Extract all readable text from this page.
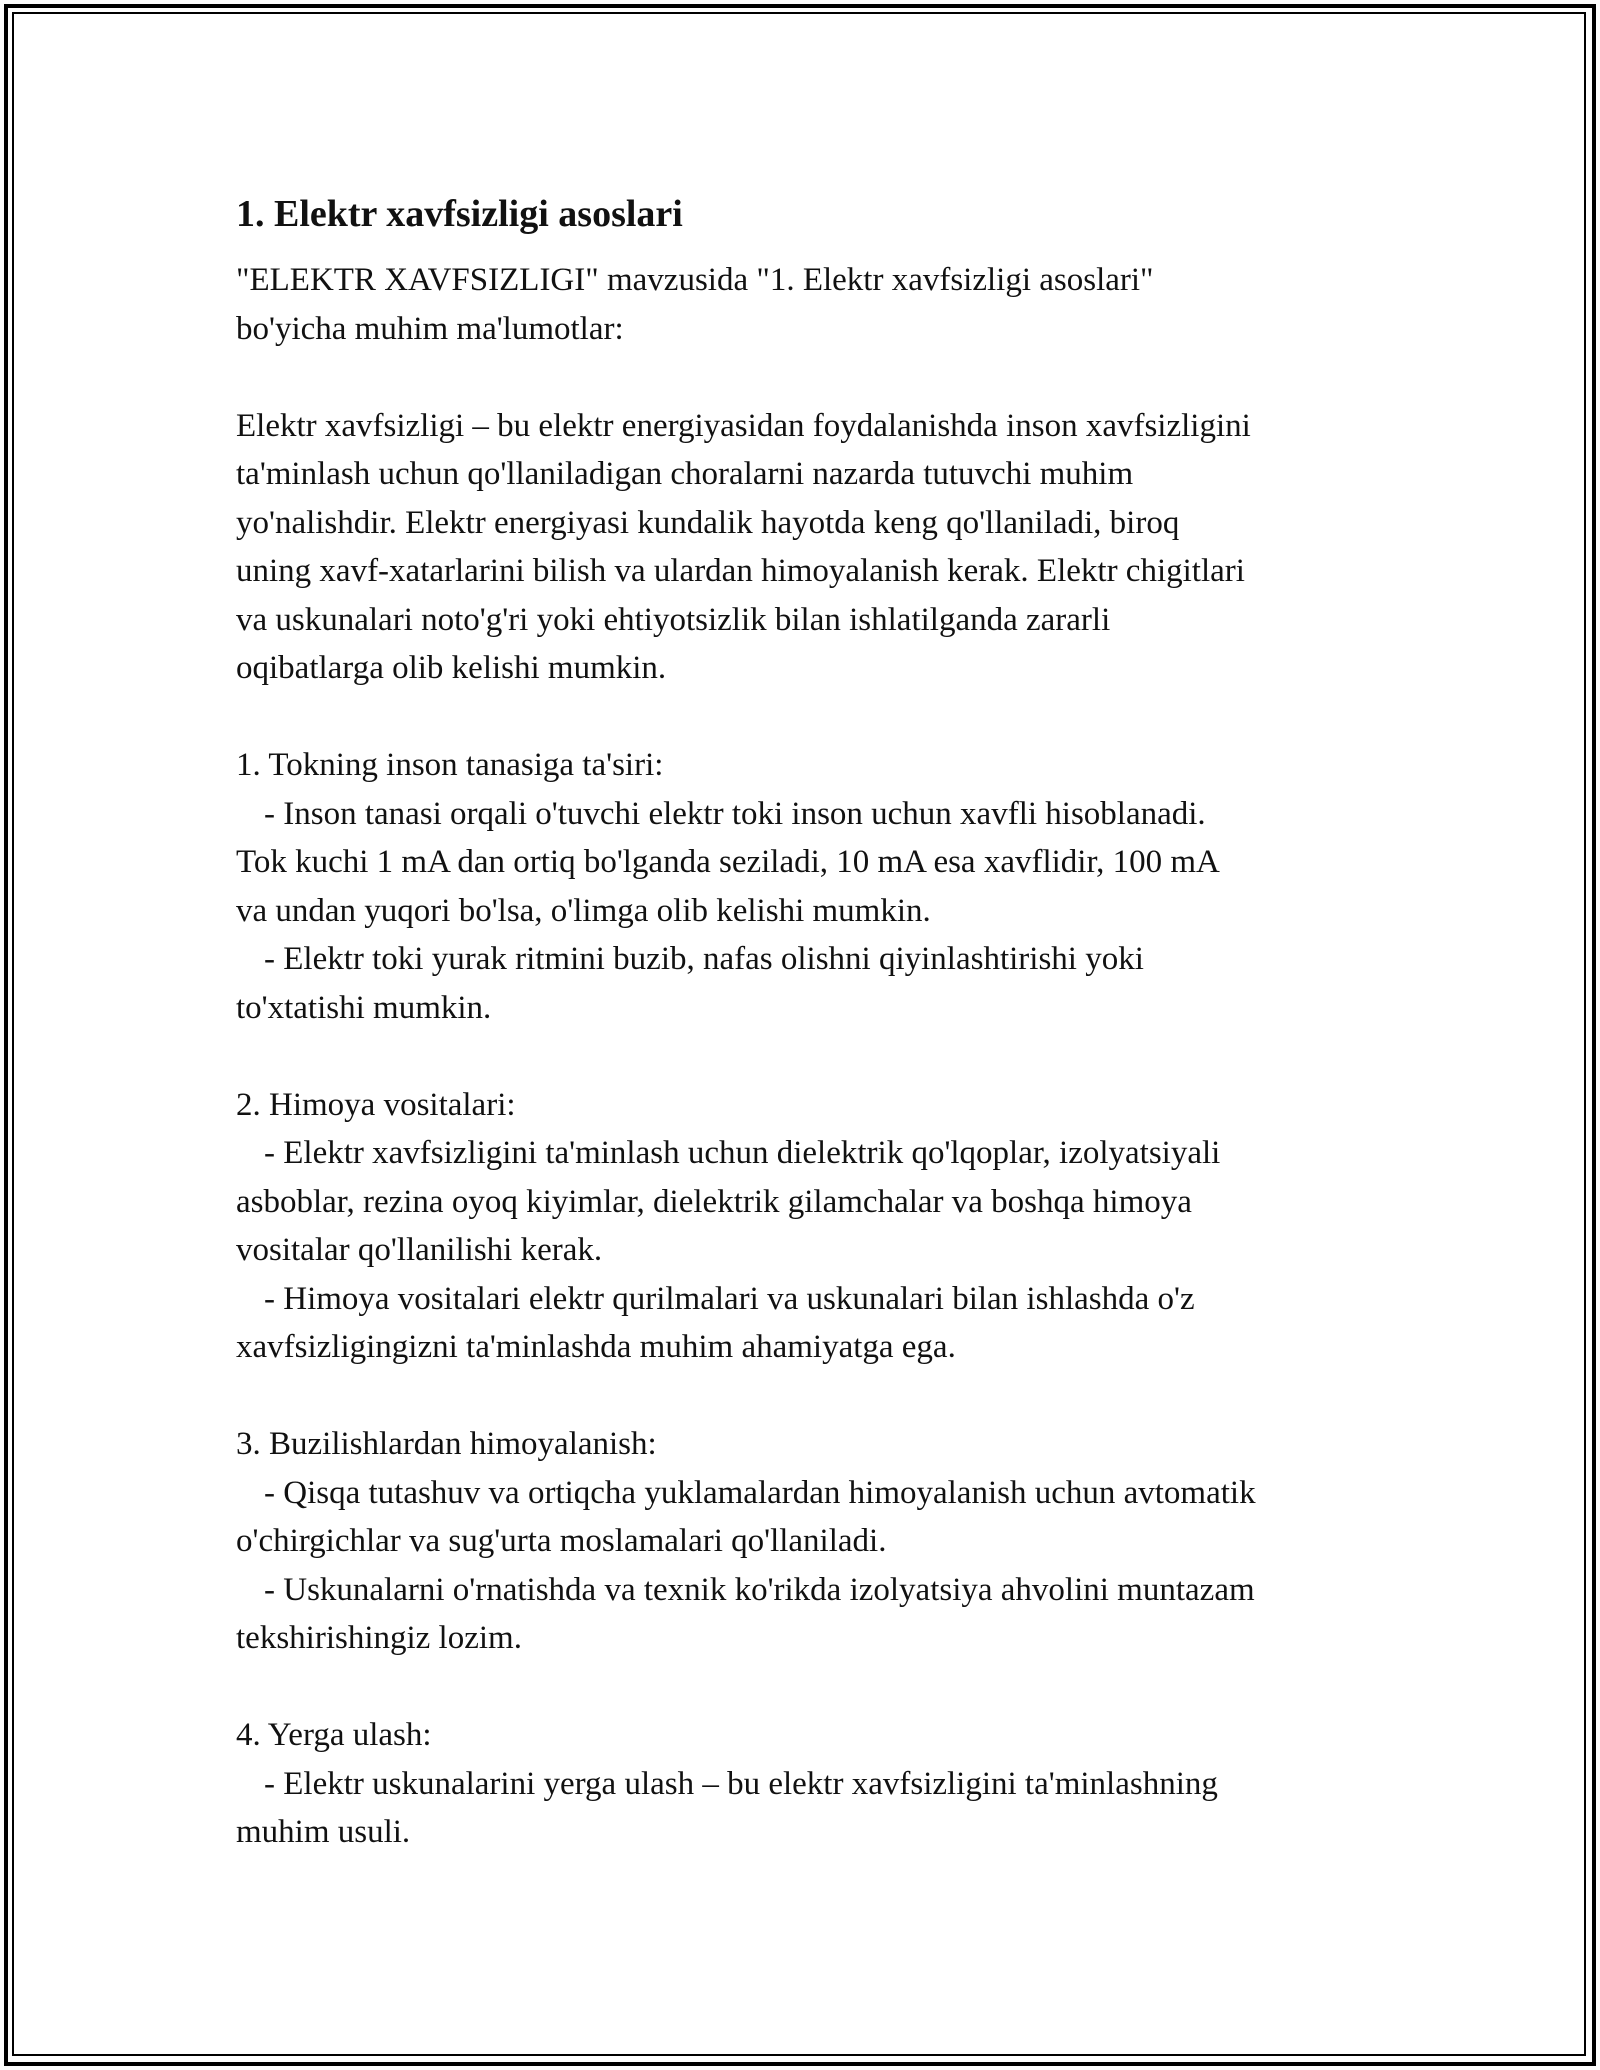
1. Elektr xavfsizligi asoslari

"ELEKTR XAVFSIZLIGI" mavzusida "1. Elektr xavfsizligi asoslari"
bo'yicha muhim ma'lumotlar:

Elektr xavfsizligi – bu elektr energiyasidan foydalanishda inson xavfsizligini
ta'minlash uchun qo'llaniladigan choralarni nazarda tutuvchi muhim
yo'nalishdir. Elektr energiyasi kundalik hayotda keng qo'llaniladi, biroq
uning xavf-xatarlarini bilish va ulardan himoyalanish kerak. Elektr chigitlari
va uskunalari noto'g'ri yoki ehtiyotsizlik bilan ishlatilganda zararli
oqibatlarga olib kelishi mumkin.

1. Tokning inson tanasiga ta'siri:

- Inson tanasi orqali o'tuvchi elektr toki inson uchun xavfli hisoblanadi.
Tok kuchi 1 mA dan ortiq bo'lganda seziladi, 10 mA esa xavflidir, 100 mA
va undan yuqori bo'lsa, o'limga olib kelishi mumkin.

- Elektr toki yurak ritmini buzib, nafas olishni qiyinlashtirishi yoki
to'xtatishi mumkin.

2. Himoya vositalari:

- Elektr xavfsizligini ta'minlash uchun dielektrik qo'lqoplar, izolyatsiyali
asboblar, rezina oyoq kiyimlar, dielektrik gilamchalar va boshqa himoya
vositalar qo'llanilishi kerak.

- Himoya vositalari elektr qurilmalari va uskunalari bilan ishlashda o'z
xavfsizligingizni ta'minlashda muhim ahamiyatga ega.

3. Buzilishlardan himoyalanish:

- Qisqa tutashuv va ortiqcha yuklamalardan himoyalanish uchun avtomatik
o'chirgichlar va sug'urta moslamalari qo'llaniladi.

- Uskunalarni o'rnatishda va texnik ko'rikda izolyatsiya ahvolini muntazam
tekshirishingiz lozim.

4. Yerga ulash:

- Elektr uskunalarini yerga ulash – bu elektr xavfsizligini ta'minlashning
muhim usuli.
